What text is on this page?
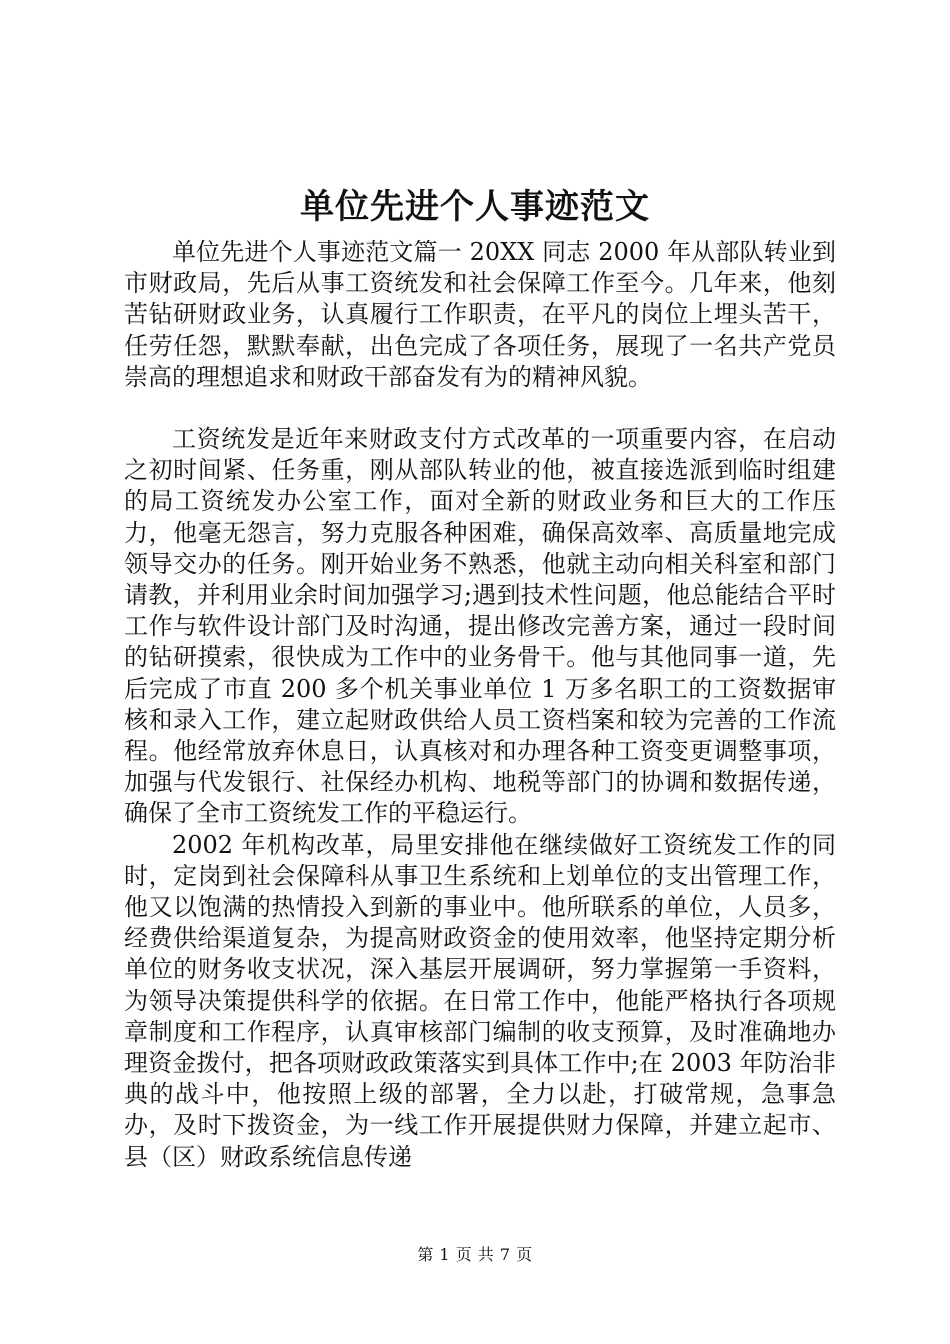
单位先进个人事迹范文

单位先进个人事迹范文篇一 20XX 同志 2000 年从部队转业到市财政局，先后从事工资统发和社会保障工作至今。几年来，他刻苦钻研财政业务，认真履行工作职责，在平凡的岗位上埋头苦干，任劳任怨，默默奉献，出色完成了各项任务，展现了一名共产党员崇高的理想追求和财政干部奋发有为的精神风貌。

工资统发是近年来财政支付方式改革的一项重要内容，在启动之初时间紧、任务重，刚从部队转业的他，被直接选派到临时组建的局工资统发办公室工作，面对全新的财政业务和巨大的工作压力，他毫无怨言，努力克服各种困难，确保高效率、高质量地完成领导交办的任务。刚开始业务不熟悉，他就主动向相关科室和部门请教，并利用业余时间加强学习;遇到技术性问题，他总能结合平时工作与软件设计部门及时沟通，提出修改完善方案，通过一段时间的钻研摸索，很快成为工作中的业务骨干。他与其他同事一道，先后完成了市直 200 多个机关事业单位 1 万多名职工的工资数据审核和录入工作，建立起财政供给人员工资档案和较为完善的工作流程。他经常放弃休息日，认真核对和办理各种工资变更调整事项，加强与代发银行、社保经办机构、地税等部门的协调和数据传递，确保了全市工资统发工作的平稳运行。

2002 年机构改革，局里安排他在继续做好工资统发工作的同时，定岗到社会保障科从事卫生系统和上划单位的支出管理工作，他又以饱满的热情投入到新的事业中。他所联系的单位，人员多，经费供给渠道复杂，为提高财政资金的使用效率，他坚持定期分析单位的财务收支状况，深入基层开展调研，努力掌握第一手资料，为领导决策提供科学的依据。在日常工作中，他能严格执行各项规章制度和工作程序，认真审核部门编制的收支预算，及时准确地办理资金拨付，把各项财政政策落实到具体工作中;在 2003 年防治非典的战斗中，他按照上级的部署，全力以赴，打破常规，急事急办，及时下拨资金，为一线工作开展提供财力保障，并建立起市、县（区）财政系统信息传递

第 1 页 共 7 页
